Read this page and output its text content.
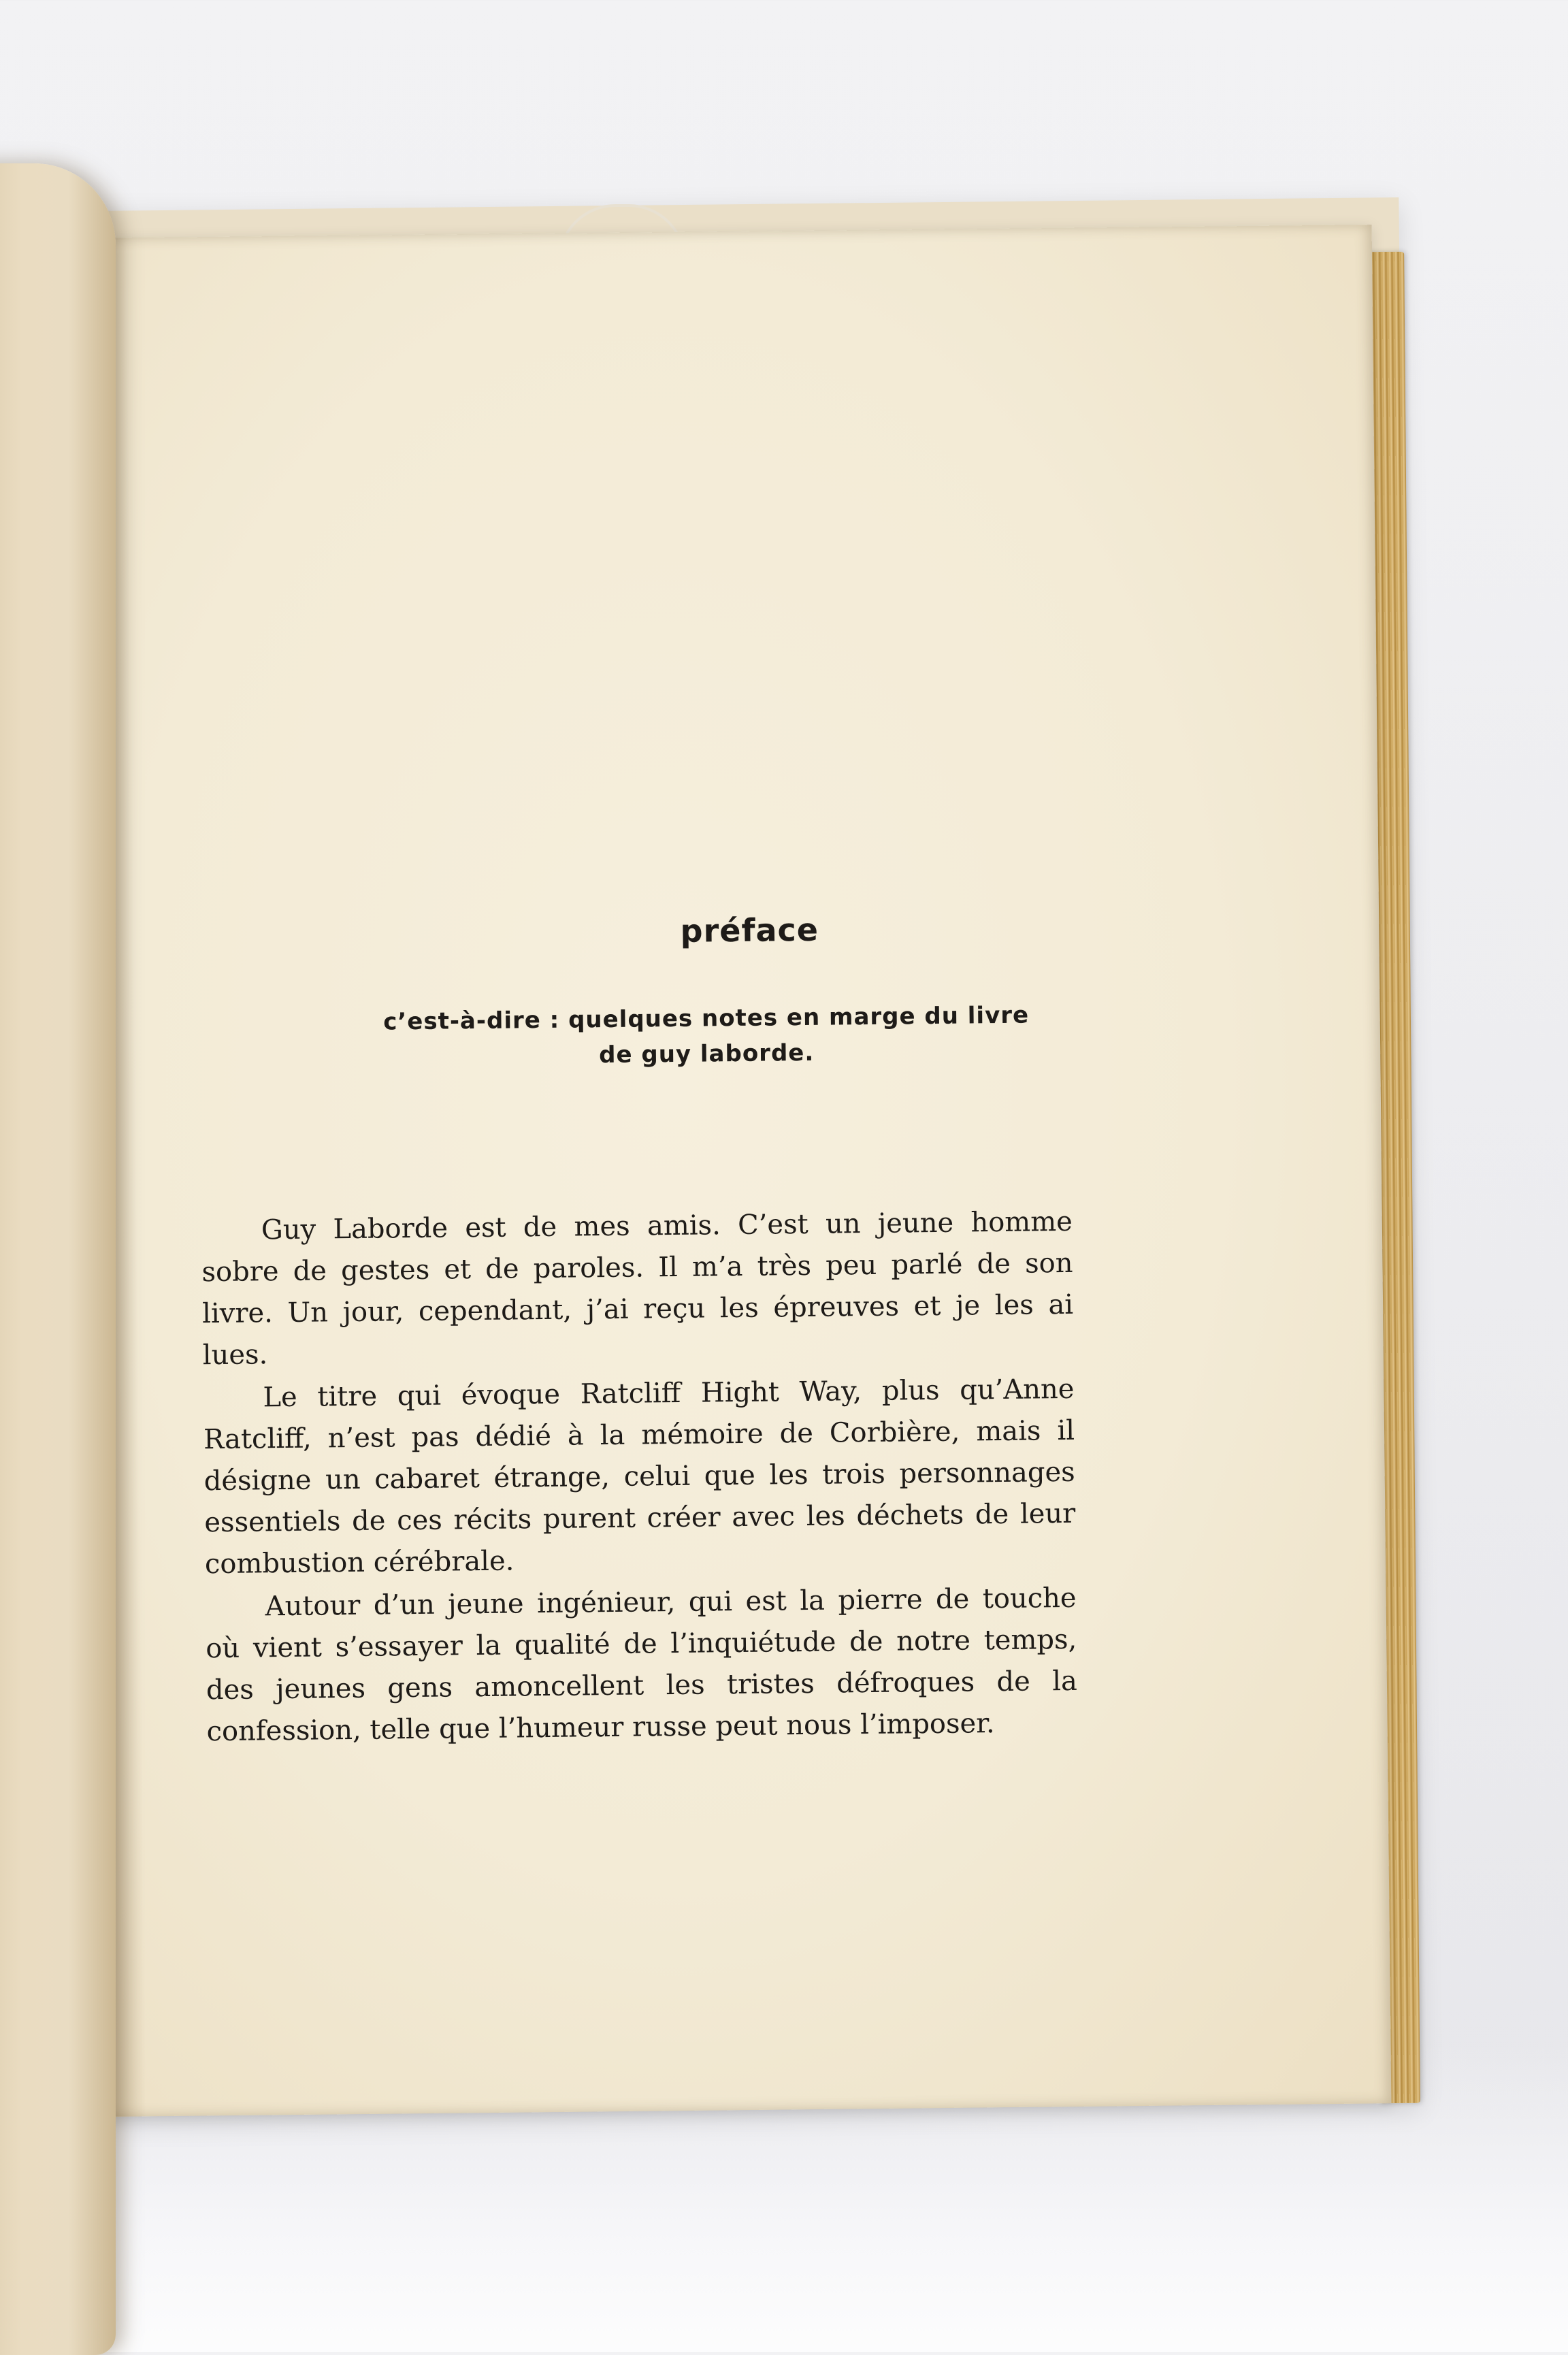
préface
c’est-à-dire : quelques notes en marge du livre
de guy laborde.

Guy Laborde est de mes amis. C’est un jeune homme sobre de gestes et de paroles. Il m’a très peu parlé de son livre. Un jour, cependant, j’ai reçu les épreuves et je les ai lues.

Le titre qui évoque Ratcliff Hight Way, plus qu’Anne Ratcliff, n’est pas dédié à la mémoire de Corbière, mais il désigne un cabaret étrange, celui que les trois personnages essentiels de ces récits purent créer avec les déchets de leur combustion cérébrale.

Autour d’un jeune ingénieur, qui est la pierre de touche où vient s’essayer la qualité de l’inquiétude de notre temps, des jeunes gens amoncellent les tristes défroques de la confession, telle que l’humeur russe peut nous l’imposer.
